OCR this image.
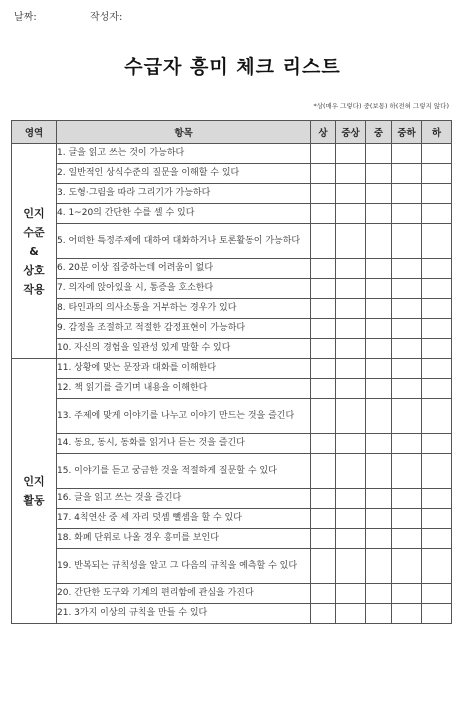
날짜:	작성자:
수급자 흥미 체크 리스트
*상(매우 그렇다) 중(보통) 하(전혀 그렇지 않다)
영역	항목	상	중상	중	중하	하
인지
수준
&
상호
작용	1. 글을 읽고 쓰는 것이 가능하다					
	2. 일반적인 상식수준의 질문을 이해할 수 있다					
	3. 도형·그림을 따라 그리기가 가능하다					
	4. 1~20의 간단한 수를 셀 수 있다					
	5. 어떠한 특정주제에 대하여 대화하거나 토론활동이 가능하다					
	6. 20분 이상 집중하는데 어려움이 없다					
	7. 의자에 앉아있을 시, 통증을 호소한다					
	8. 타인과의 의사소통을 거부하는 경우가 있다					
	9. 감정을 조절하고 적절한 감정표현이 가능하다					
	10. 자신의 경험을 일관성 있게 말할 수 있다					
인지
활동	11. 상황에 맞는 문장과 대화를 이해한다					
	12. 책 읽기를 즐기며 내용을 이해한다					
	13. 주제에 맞게 이야기를 나누고 이야기 만드는 것을 즐긴다					
	14. 동요, 동시, 동화를 읽거나 듣는 것을 즐긴다					
	15. 이야기를 듣고 궁금한 것을 적절하게 질문할 수 있다					
	16. 글을 읽고 쓰는 것을 즐긴다					
	17. 4칙연산 중 세 자리 덧셈 뺄셈을 할 수 있다					
	18. 화폐 단위로 나올 경우 흥미를 보인다					
	19. 반복되는 규칙성을 알고 그 다음의 규칙을 예측할 수 있다					
	20. 간단한 도구와 기계의 편리함에 관심을 가진다					
	21. 3가지 이상의 규칙을 만들 수 있다					
